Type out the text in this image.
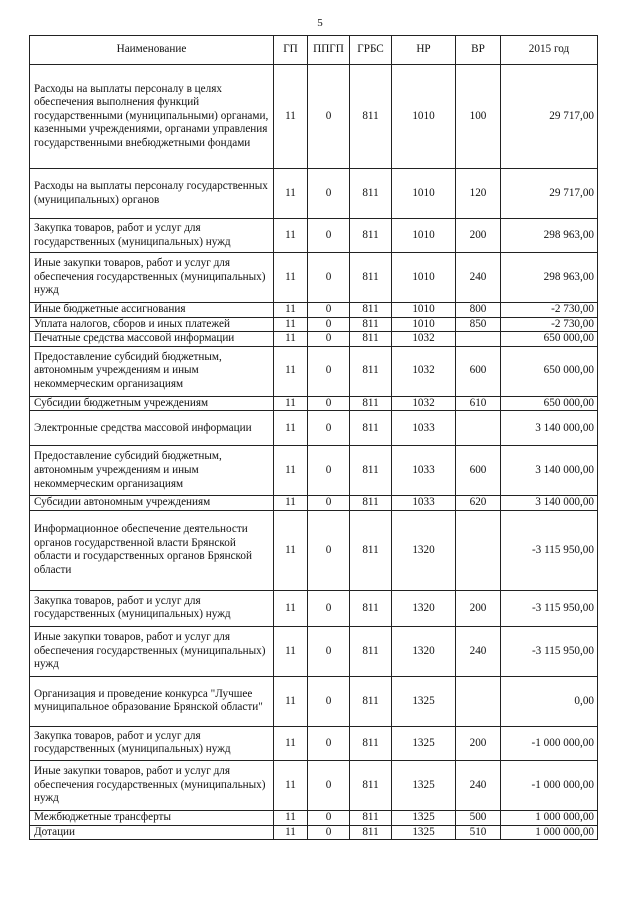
5
Наименование	ГП	ППГП	ГРБС	НР	ВР	2015 год
Расходы на выплаты персоналу в целях обеспечения выполнения функций государственными (муниципальными) органами, казенными учреждениями, органами управления государственными внебюджетными фондами	11	0	811	1010	100	29 717,00
Расходы на выплаты персоналу государственных (муниципальных) органов	11	0	811	1010	120	29 717,00
Закупка товаров, работ и услуг для государственных (муниципальных) нужд	11	0	811	1010	200	298 963,00
Иные закупки товаров, работ и услуг для обеспечения государственных (муниципальных) нужд	11	0	811	1010	240	298 963,00
Иные бюджетные ассигнования	11	0	811	1010	800	-2 730,00
Уплата налогов, сборов и иных платежей	11	0	811	1010	850	-2 730,00
Печатные средства массовой информации	11	0	811	1032		650 000,00
Предоставление субсидий бюджетным, автономным учреждениям и иным некоммерческим организациям	11	0	811	1032	600	650 000,00
Субсидии бюджетным учреждениям	11	0	811	1032	610	650 000,00
Электронные средства массовой информации	11	0	811	1033		3 140 000,00
Предоставление субсидий бюджетным, автономным учреждениям и иным некоммерческим организациям	11	0	811	1033	600	3 140 000,00
Субсидии автономным учреждениям	11	0	811	1033	620	3 140 000,00
Информационное обеспечение деятельности органов государственной власти Брянской области и государственных органов Брянской области	11	0	811	1320		-3 115 950,00
Закупка товаров, работ и услуг для государственных (муниципальных) нужд	11	0	811	1320	200	-3 115 950,00
Иные закупки товаров, работ и услуг для обеспечения государственных (муниципальных) нужд	11	0	811	1320	240	-3 115 950,00
Организация и проведение конкурса "Лучшее муниципальное образование Брянской области"	11	0	811	1325		0,00
Закупка товаров, работ и услуг для государственных (муниципальных) нужд	11	0	811	1325	200	-1 000 000,00
Иные закупки товаров, работ и услуг для обеспечения государственных (муниципальных) нужд	11	0	811	1325	240	-1 000 000,00
Межбюджетные трансферты	11	0	811	1325	500	1 000 000,00
Дотации	11	0	811	1325	510	1 000 000,00
